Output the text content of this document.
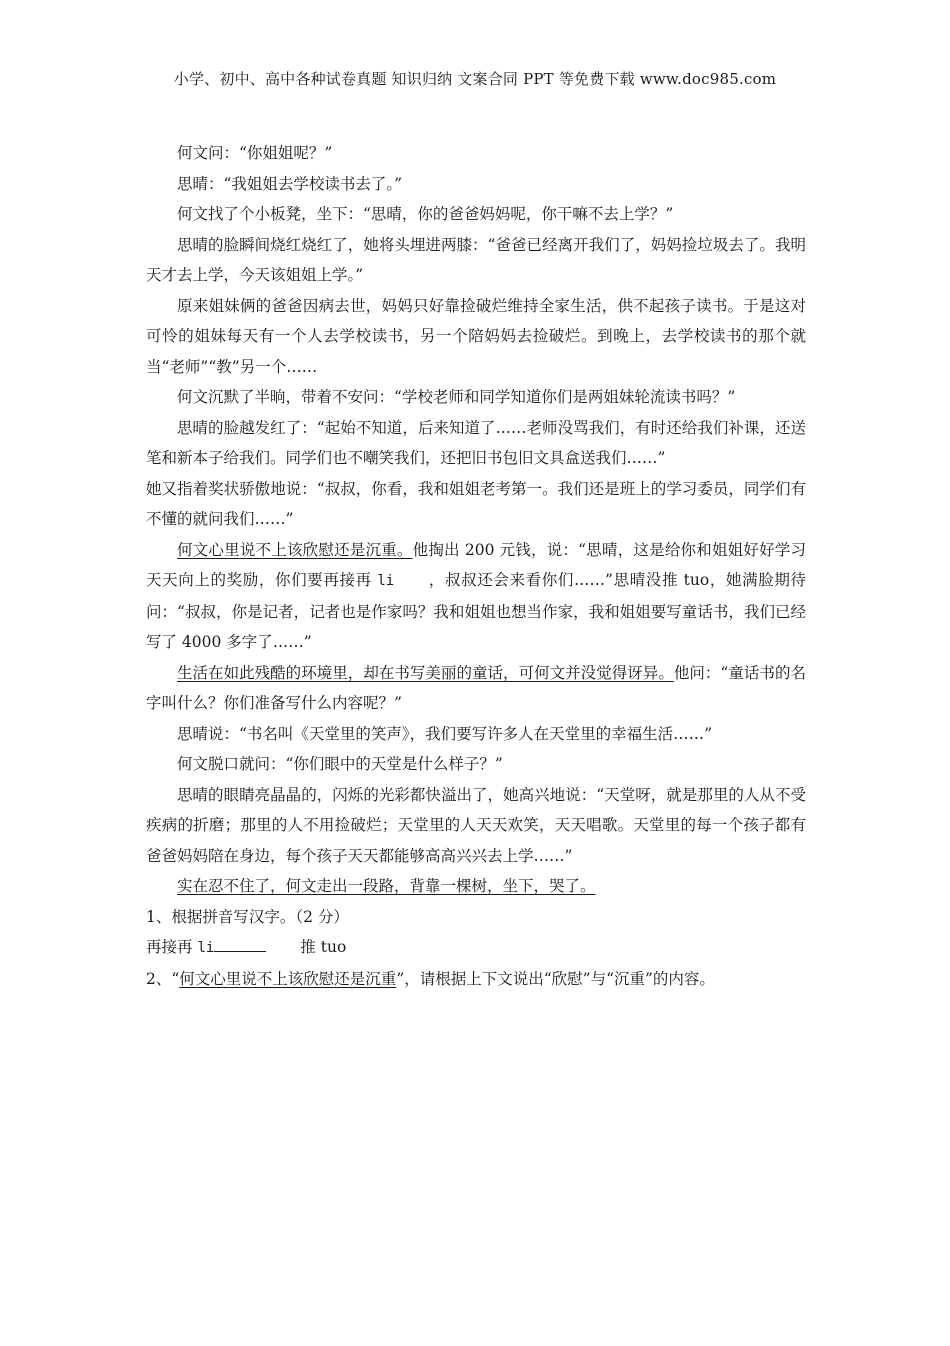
小学、初中、高中各种试卷真题 知识归纳 文案合同 PPT 等免费下载 www.doc985.com

何文问：“你姐姐呢？”

思晴：“我姐姐去学校读书去了。”

何文找了个小板凳，坐下：“思晴，你的爸爸妈妈呢，你干嘛不去上学？”

思晴的脸瞬间烧红烧红了，她将头埋进两膝：“爸爸已经离开我们了，妈妈捡垃圾去了。我明天才去上学，今天该姐姐上学。”

原来姐妹俩的爸爸因病去世，妈妈只好靠捡破烂维持全家生活，供不起孩子读书。于是这对可怜的姐妹每天有一个人去学校读书，另一个陪妈妈去捡破烂。到晚上，去学校读书的那个就当“老师”“教”另一个……

何文沉默了半晌，带着不安问：“学校老师和同学知道你们是两姐妹轮流读书吗？”

思晴的脸越发红了：“起始不知道，后来知道了……老师没骂我们，有时还给我们补课，还送笔和新本子给我们。同学们也不嘲笑我们，还把旧书包旧文具盒送我们……”

她又指着奖状骄傲地说：“叔叔，你看，我和姐姐老考第一。我们还是班上的学习委员，同学们有不懂的就问我们……”

何文心里说不上该欣慰还是沉重。他掏出 200 元钱，说：“思晴，这是给你和姐姐好好学习天天向上的奖励，你们要再接再 li ，叔叔还会来看你们……”思晴没推 tuo，她满脸期待问：“叔叔，你是记者，记者也是作家吗？我和姐姐也想当作家，我和姐姐要写童话书，我们已经写了 4000 多字了……”

生活在如此残酷的环境里，却在书写美丽的童话，可何文并没觉得讶异。他问：“童话书的名字叫什么？你们准备写什么内容呢？”

思晴说：“书名叫《天堂里的笑声》，我们要写许多人在天堂里的幸福生活……”

何文脱口就问：“你们眼中的天堂是什么样子？”

思晴的眼睛亮晶晶的，闪烁的光彩都快溢出了，她高兴地说：“天堂呀，就是那里的人从不受疾病的折磨；那里的人不用捡破烂；天堂里的人天天欢笑，天天唱歌。天堂里的每一个孩子都有爸爸妈妈陪在身边，每个孩子天天都能够高高兴兴去上学……”

实在忍不住了，何文走出一段路，背靠一棵树，坐下，哭了。

1、根据拼音写汉字。（2 分）

再接再 li	推 tuo

2、“何文心里说不上该欣慰还是沉重”，请根据上下文说出“欣慰”与“沉重”的内容。
